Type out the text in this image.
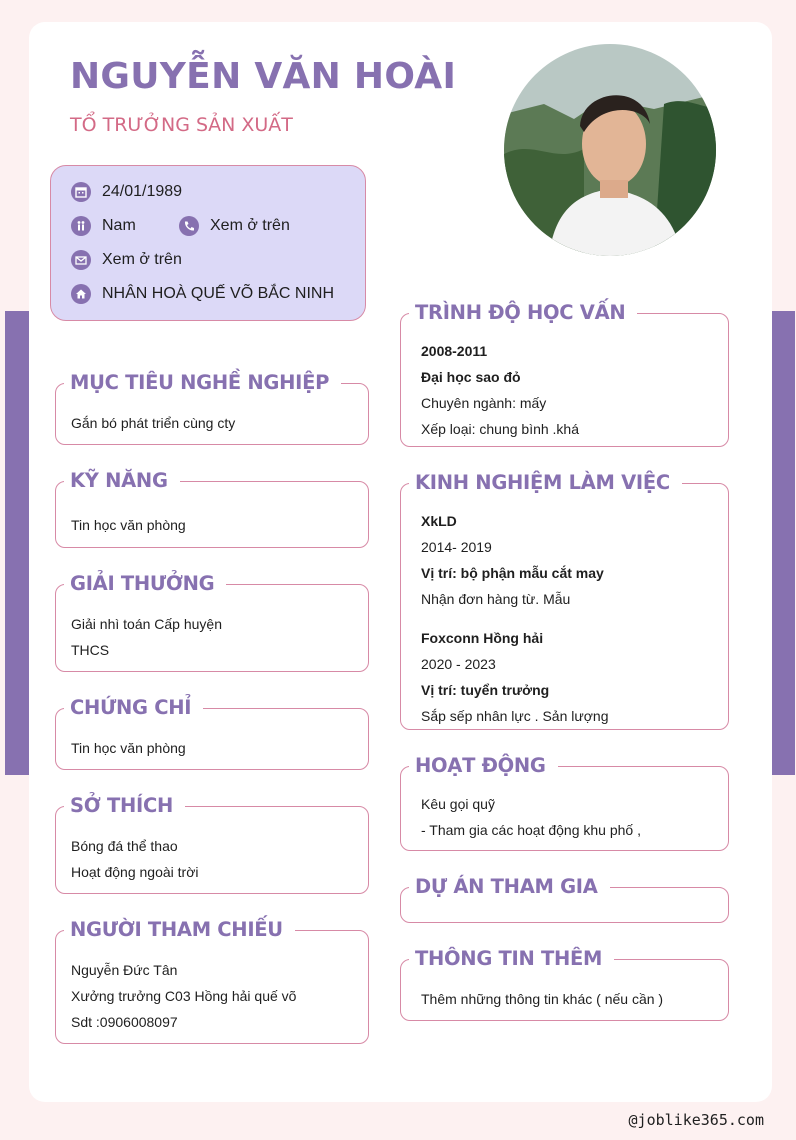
NGUYỄN VĂN HOÀI
TỔ TRƯỞNG SẢN XUẤT
24/01/1989
Nam	Xem ở trên
Xem ở trên
NHÂN HOÀ QUẾ VÕ BẮC NINH
MỤC TIÊU NGHỀ NGHIỆP
Gắn bó phát triển cùng cty
KỸ NĂNG
Tin học văn phòng
GIẢI THƯỞNG
Giải nhì toán Cấp huyện
THCS
CHỨNG CHỈ
Tin học văn phòng
SỞ THÍCH
Bóng đá thể thao
Hoạt động ngoài trời
NGƯỜI THAM CHIẾU
Nguyễn Đức Tân
Xưởng trưởng C03 Hồng hải quế võ
Sdt :0906008097
TRÌNH ĐỘ HỌC VẤN
2008-2011
Đại học sao đỏ
Chuyên ngành: mấy
Xếp loại: chung bình .khá
KINH NGHIỆM LÀM VIỆC
XkLD
2014- 2019
Vị trí: bộ phận mẫu cắt may
Nhận đơn hàng từ. Mẫu
Foxconn Hồng hải
2020 - 2023
Vị trí: tuyển trưởng
Sắp sếp nhân lực . Sản lượng
HOẠT ĐỘNG
Kêu gọi quỹ
- Tham gia các hoạt động khu phố ,
DỰ ÁN THAM GIA
THÔNG TIN THÊM
Thêm những thông tin khác ( nếu cần )
@joblike365.com
